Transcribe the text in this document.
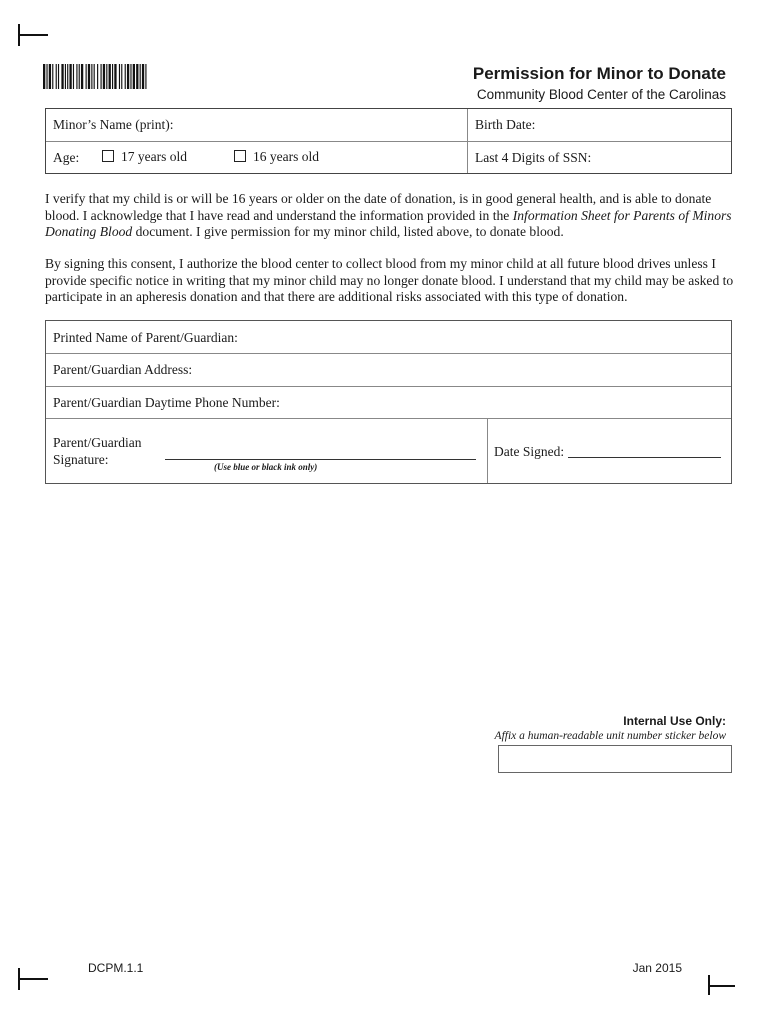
Permission for Minor to Donate
Community Blood Center of the Carolinas
Minor’s Name (print):	Birth Date:
Age:	17 years old	16 years old	Last 4 Digits of SSN:
I verify that my child is or will be 16 years or older on the date of donation, is in good general health, and is able to donate blood. I acknowledge that I have read and understand the information provided in the Information Sheet for Parents of Minors Donating Blood document. I give permission for my minor child, listed above, to donate blood.
By signing this consent, I authorize the blood center to collect blood from my minor child at all future blood drives unless I provide specific notice in writing that my minor child may no longer donate blood. I understand that my child may be asked to participate in an apheresis donation and that there are additional risks associated with this type of donation.
Printed Name of Parent/Guardian:
Parent/Guardian Address:
Parent/Guardian Daytime Phone Number:
Parent/Guardian
Signature:	(Use blue or black ink only)
Date Signed:
Internal Use Only:
Affix a human-readable unit number sticker below
DCPM.1.1	Jan 2015
